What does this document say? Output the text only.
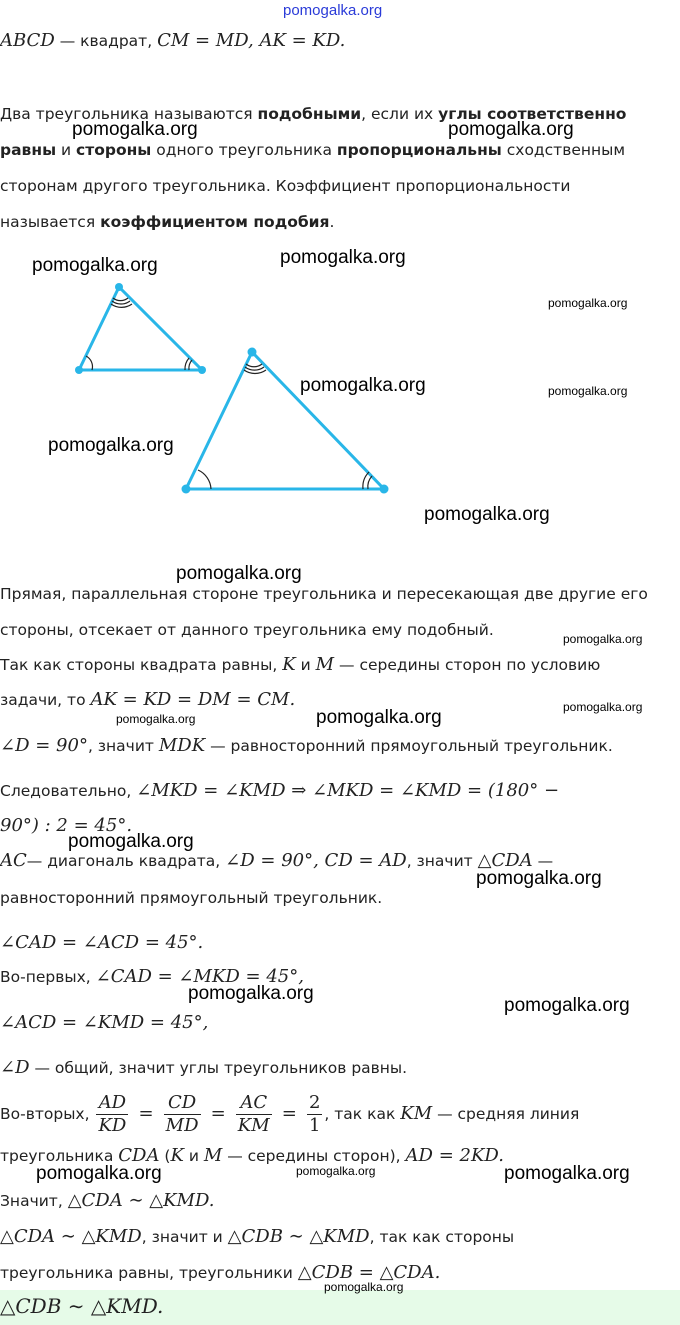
pomogalka.org
ABCD — квадрат, CM = MD, AK = KD.
Два треугольника называются подобными, если их углы соответственно
равны и стороны одного треугольника пропорциональны сходственным
сторонам другого треугольника. Коэффициент пропорциональности
называется коэффициентом подобия.
Прямая, параллельная стороне треугольника и пересекающая две другие его
стороны, отсекает от данного треугольника ему подобный.
Так как стороны квадрата равны, K и M — середины сторон по условию
задачи, то AK = KD = DM = CM.
∠D = 90°, значит MDK — равносторонний прямоугольный треугольник.
Следовательно, ∠MKD = ∠KMD ⇒ ∠MKD = ∠KMD = (180° −
90°) : 2 = 45°.
AC— диагональ квадрата, ∠D = 90°, CD = AD, значит △CDA —
равносторонний прямоугольный треугольник.
∠CAD = ∠ACD = 45°.
Во-первых, ∠CAD = ∠MKD = 45°,
∠ACD = ∠KMD = 45°,
∠D — общий, значит углы треугольников равны.
Во-вторых, $\frac{AD}{KD} = \frac{CD}{MD} = \frac{AC}{KM} = \frac{2}{1}$ , так как KM — средняя линия
треугольника CDA (K и M — середины сторон), AD = 2KD.
Значит, △CDA ∼ △KMD.
△CDA ∼ △KMD, значит и △CDB ∼ △KMD, так как стороны
треугольника равны, треугольники △CDB = △CDA.
△CDB ∼ △KMD.
pomogalka.org	pomogalka.org
pomogalka.org	pomogalka.org
pomogalka.org
pomogalka.org	pomogalka.org
pomogalka.org
pomogalka.org
pomogalka.org
pomogalka.org
pomogalka.org
pomogalka.org	pomogalka.org
pomogalka.org
pomogalka.org
pomogalka.org
pomogalka.org
pomogalka.org	pomogalka.org	pomogalka.org
pomogalka.org
